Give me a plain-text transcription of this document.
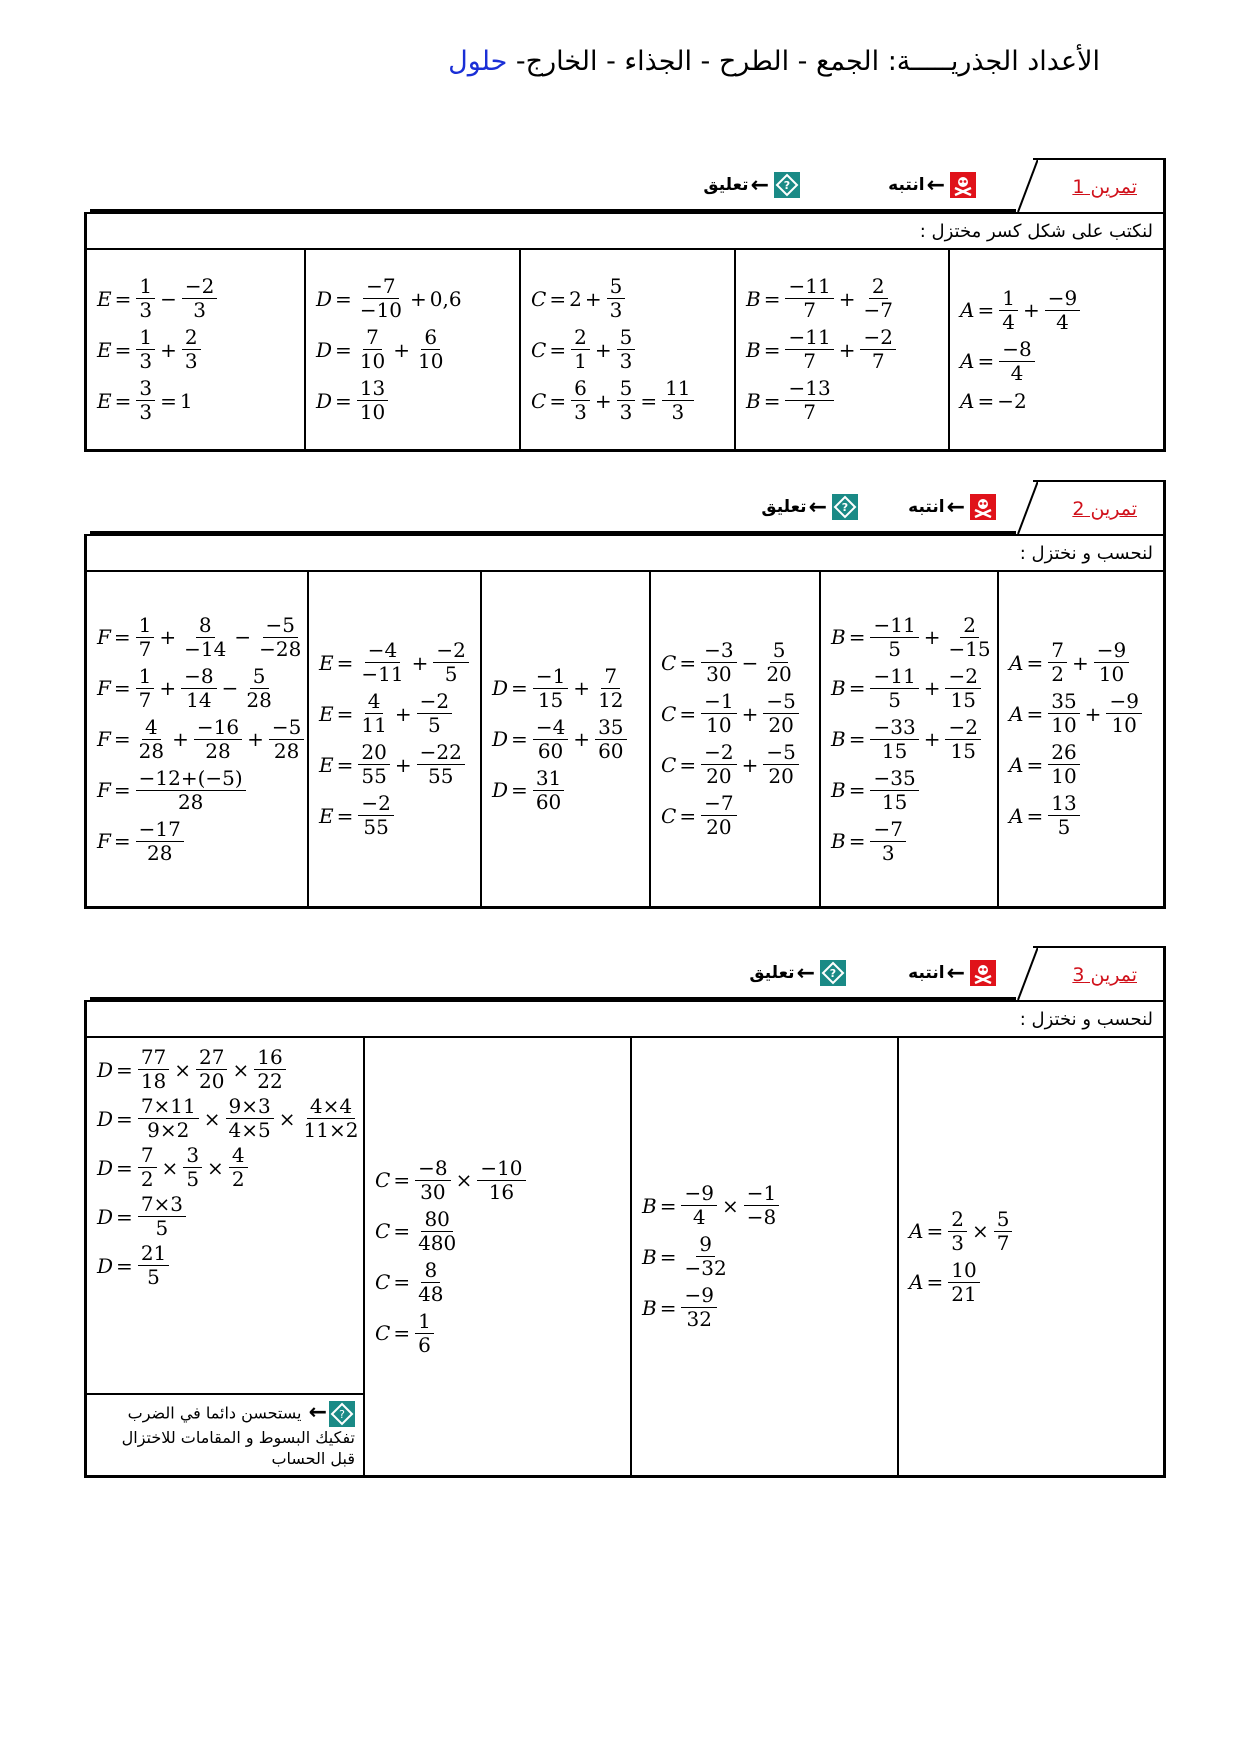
الأعداد الجذريـــــة: الجمع - الطرح - الجذاء - الخارج- حلول
تمرين 1
انتبه ←
تعليق ← ?
لنكتب على شكل كسر مختزل :
$A = \frac{1}{4} + \frac{-9}{4}$
$A = \frac{-8}{4}$
A = −2
$B = \frac{-11}{7} + \frac{2}{-7}$
$B = \frac{-11}{7} + \frac{-2}{7}$
$B = \frac{-13}{7}$
$C = 2 + \frac{5}{3}$
$C = \frac{2}{1} + \frac{5}{3}$
$C = \frac{6}{3} + \frac{5}{3} = \frac{11}{3}$
$D = \frac{-7}{-10} + 0,6$
$D = \frac{7}{10} + \frac{6}{10}$
$D = \frac{13}{10}$
$E = \frac{1}{3} - \frac{-2}{3}$
$E = \frac{1}{3} + \frac{2}{3}$
$E = \frac{3}{3} = 1$
تمرين 2
انتبه ←
تعليق ← ?
لنحسب و نختزل :
$A = \frac{7}{2} + \frac{-9}{10}$
$A = \frac{35}{10} + \frac{-9}{10}$
$A = \frac{26}{10}$
$A = \frac{13}{5}$
$B = \frac{-11}{5} + \frac{2}{-15}$
$B = \frac{-11}{5} + \frac{-2}{15}$
$B = \frac{-33}{15} + \frac{-2}{15}$
$B = \frac{-35}{15}$
$B = \frac{-7}{3}$
$C = \frac{-3}{30} - \frac{5}{20}$
$C = \frac{-1}{10} + \frac{-5}{20}$
$C = \frac{-2}{20} + \frac{-5}{20}$
$C = \frac{-7}{20}$
$D = \frac{-1}{15} + \frac{7}{12}$
$D = \frac{-4}{60} + \frac{35}{60}$
$D = \frac{31}{60}$
$E = \frac{-4}{-11} + \frac{-2}{5}$
$E = \frac{4}{11} + \frac{-2}{5}$
$E = \frac{20}{55} + \frac{-22}{55}$
$E = \frac{-2}{55}$
$F = \frac{1}{7} + \frac{8}{-14} - \frac{-5}{-28}$
$F = \frac{1}{7} + \frac{-8}{14} - \frac{5}{28}$
$F = \frac{4}{28} + \frac{-16}{28} + \frac{-5}{28}$
$F = \frac{-12+(-5)}{28}$
$F = \frac{-17}{28}$
تمرين 3
انتبه ←
تعليق ← ?
لنحسب و نختزل :
$A = \frac{2}{3} \times \frac{5}{7}$
$A = \frac{10}{21}$
$B = \frac{-9}{4} \times \frac{-1}{-8}$
$B = \frac{9}{-32}$
$B = \frac{-9}{32}$
$C = \frac{-8}{30} \times \frac{-10}{16}$
$C = \frac{80}{480}$
$C = \frac{8}{48}$
$C = \frac{1}{6}$
$D = \frac{77}{18} \times \frac{27}{20} \times \frac{16}{22}$
$D = \frac{7\times 11}{9\times 2} \times \frac{9\times 3}{4\times 5} \times \frac{4\times 4}{11\times 2}$
$D = \frac{7}{2} \times \frac{3}{5} \times \frac{4}{2}$
$D = \frac{7\times 3}{5}$
$D = \frac{21}{5}$
?
← يستحسن دائما في الضرب تفكيك البسوط و المقامات للاختزال قبل الحساب
